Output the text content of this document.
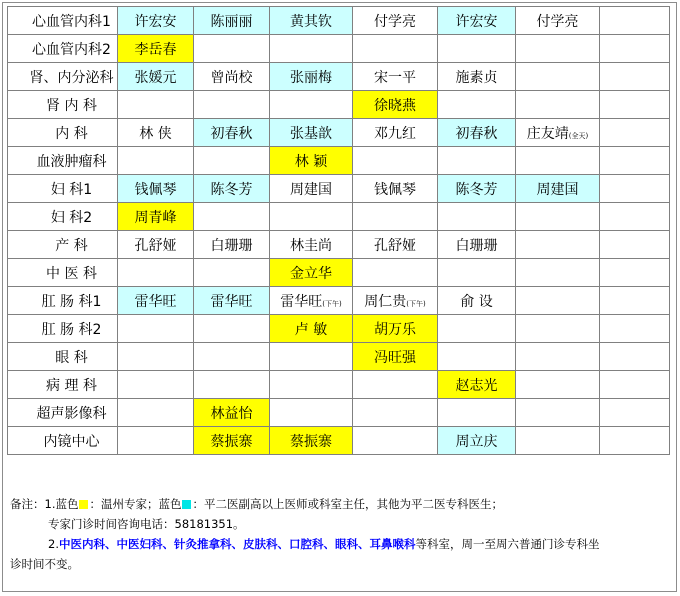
心血管内科1	许宏安	陈丽丽	黄其钦	付学亮	许宏安	付学亮	
心血管内科2	李岳春						
肾、内分泌科	张媛元	曾尚校	张丽梅	宋一平	施素贞		
肾 内 科				徐晓燕			
内 科	林 侠	初春秋	张基歆	邓九红	初春秋	庄友靖(全天)	
血液肿瘤科			林 颖				
妇 科1	钱佩琴	陈冬芳	周建国	钱佩琴	陈冬芳	周建国	
妇 科2	周青峰						
产 科	孔舒娅	白珊珊	林圭尚	孔舒娅	白珊珊		
中 医 科			金立华				
肛 肠 科1	雷华旺	雷华旺	雷华旺(下午)	周仁贵(下午)	俞 设		
肛 肠 科2			卢 敏	胡万乐			
眼 科				冯旺强			
病 理 科					赵志光		
超声影像科		林益怡					
内镜中心		蔡振寨	蔡振寨		周立庆		
备注：1.蓝色 ：温州专家；蓝色 ：平二医副高以上医师或科室主任，其他为平二医专科医生；
专家门诊时间咨询电话：58181351。
2.中医内科、中医妇科、针灸推拿科、皮肤科、口腔科、眼科、耳鼻喉科等科室，周一至周六普通门诊专科坐
诊时间不变。
